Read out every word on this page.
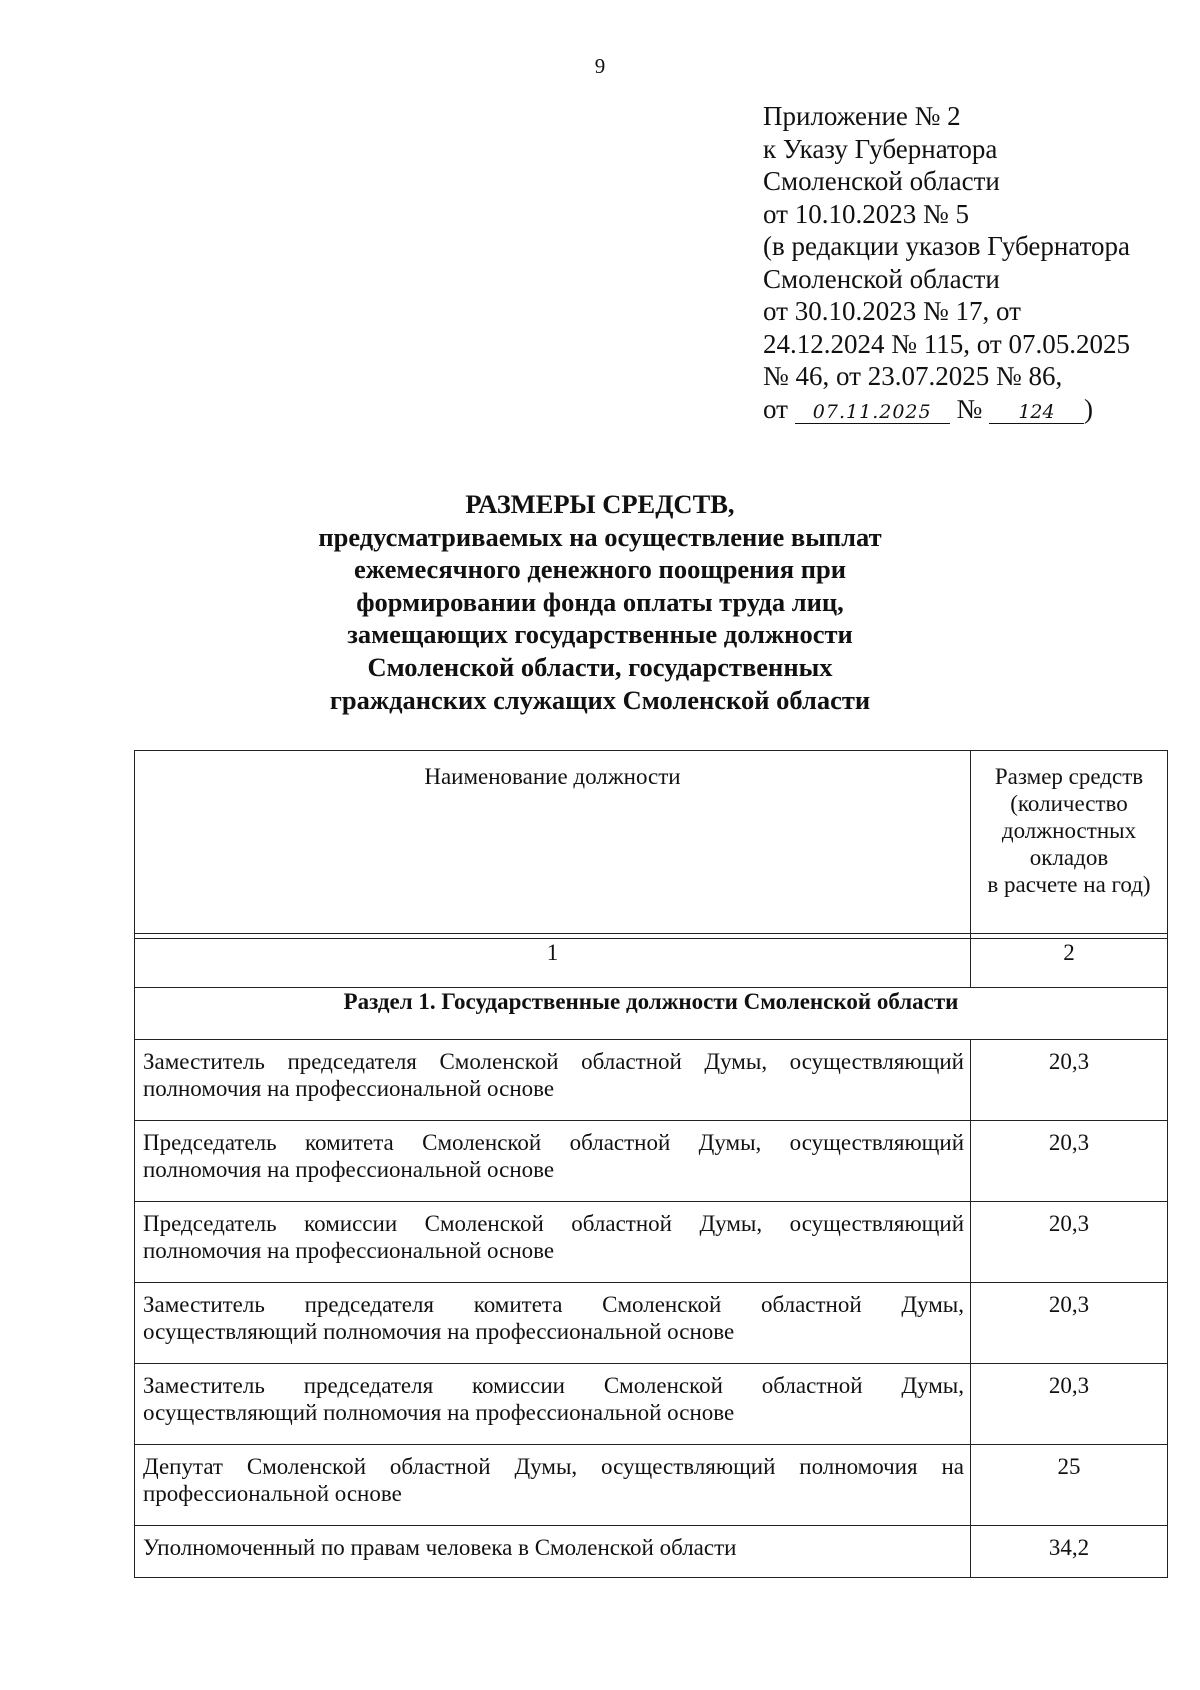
9
Приложение № 2
к Указу Губернатора
Смоленской области
от 10.10.2023 № 5
(в редакции указов Губернатора
Смоленской области
от 30.10.2023 № 17, от
24.12.2024 № 115, от 07.05.2025
№ 46, от 23.07.2025 № 86,
от 07.11.2025 № 124 )
РАЗМЕРЫ СРЕДСТВ,
предусматриваемых на осуществление выплат
ежемесячного денежного поощрения при
формировании фонда оплаты труда лиц,
замещающих государственные должности
Смоленской области, государственных
гражданских служащих Смоленской области
Наименование должности	Размер средств
(количество
должностных
окладов
в расчете на год)

1	2
Раздел 1. Государственные должности Смоленской области	
Заместитель председателя Смоленской областной Думы, осуществляющий полномочия на профессиональной основе	20,3
Председатель комитета Смоленской областной Думы, осуществляющий полномочия на профессиональной основе	20,3
Председатель комиссии Смоленской областной Думы, осуществляющий полномочия на профессиональной основе	20,3
Заместитель председателя комитета Смоленской областной Думы, осуществляющий полномочия на профессиональной основе	20,3
Заместитель председателя комиссии Смоленской областной Думы, осуществляющий полномочия на профессиональной основе	20,3
Депутат Смоленской областной Думы, осуществляющий полномочия на профессиональной основе	25
Уполномоченный по правам человека в Смоленской области	34,2
